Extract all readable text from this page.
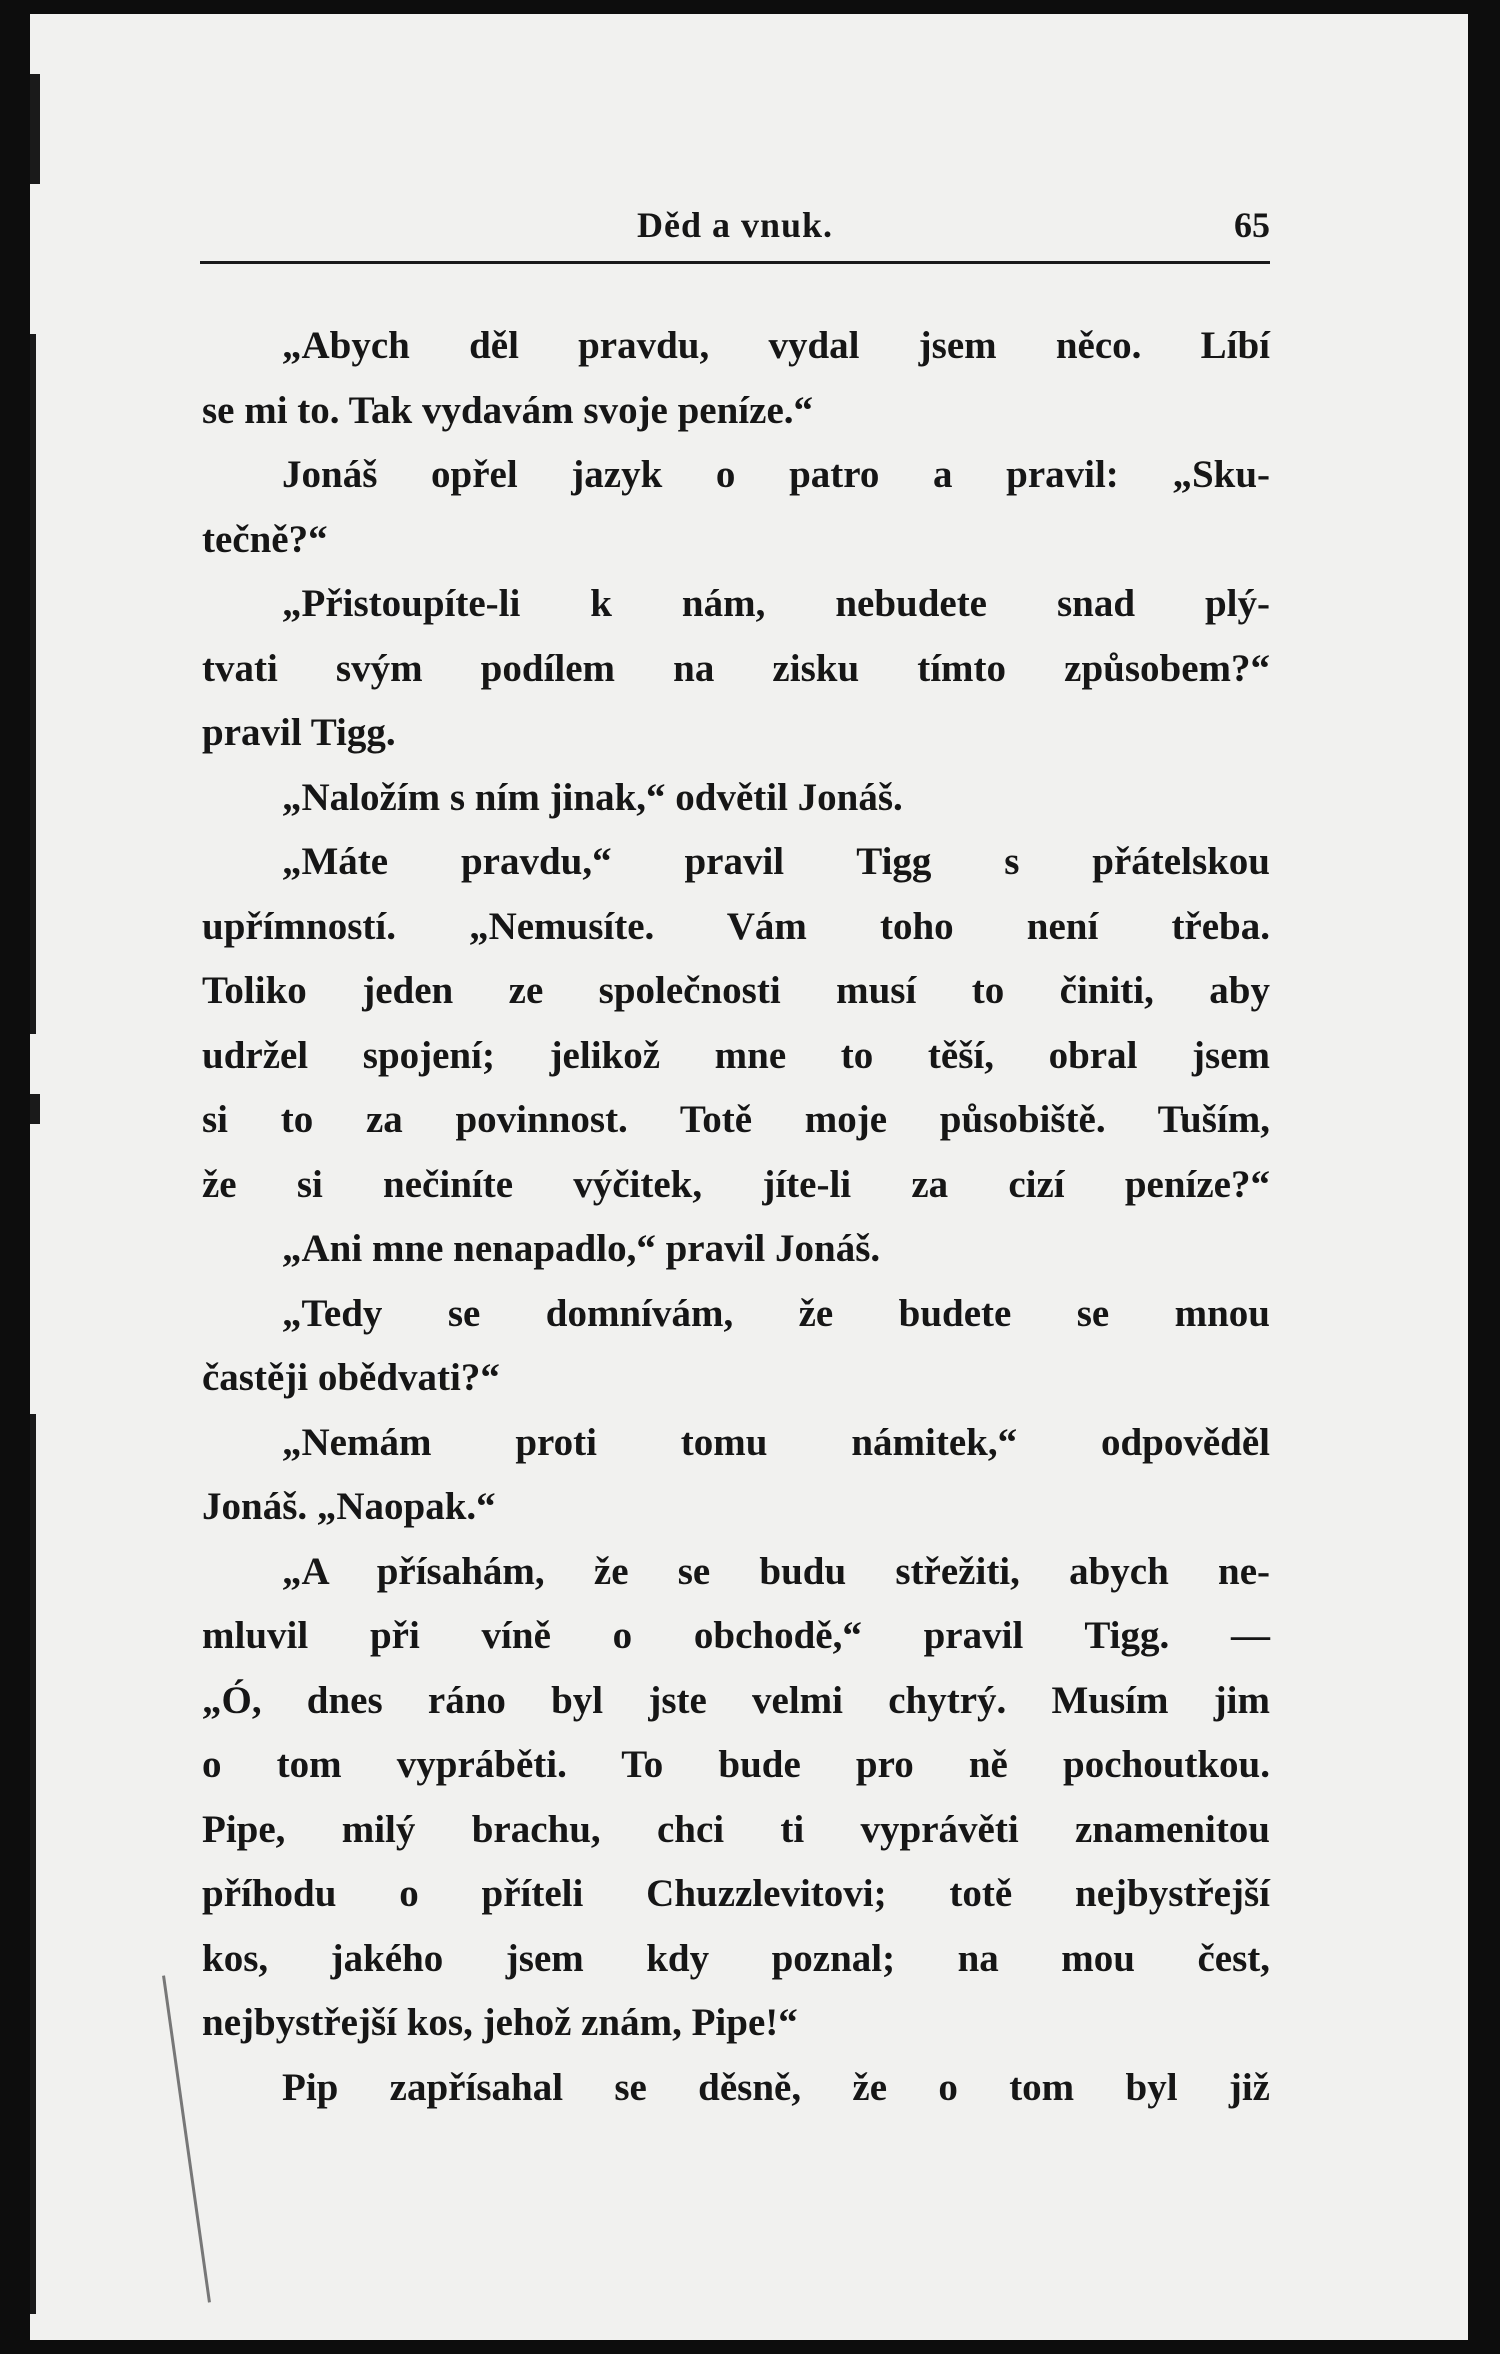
Děd a vnuk.	65
„Abych děl pravdu, vydal jsem něco. Líbí
se mi to. Tak vydavám svoje peníze.“
Jonáš opřel jazyk o patro a pravil: „Sku-
tečně?“
„Přistoupíte-li k nám, nebudete snad plý-
tvati svým podílem na zisku tímto způsobem?“
pravil Tigg.
„Naložím s ním jinak,“ odvětil Jonáš.
„Máte pravdu,“ pravil Tigg s přátelskou
upřímností. „Nemusíte. Vám toho není třeba.
Toliko jeden ze společnosti musí to činiti, aby
udržel spojení; jelikož mne to těší, obral jsem
si to za povinnost. Totě moje působiště. Tuším,
že si nečiníte výčitek, jíte-li za cizí peníze?“
„Ani mne nenapadlo,“ pravil Jonáš.
„Tedy se domnívám, že budete se mnou
častěji obědvati?“
„Nemám proti tomu námitek,“ odpověděl
Jonáš. „Naopak.“
„A přísahám, že se budu střežiti, abych ne-
mluvil při víně o obchodě,“ pravil Tigg. —
„Ó, dnes ráno byl jste velmi chytrý. Musím jim
o tom vypráběti. To bude pro ně pochoutkou.
Pipe, milý brachu, chci ti vyprávěti znamenitou
příhodu o příteli Chuzzlevitovi; totě nejbystřejší
kos, jakého jsem kdy poznal; na mou čest,
nejbystřejší kos, jehož znám, Pipe!“
Pip zapřísahal se děsně, že o tom byl již
